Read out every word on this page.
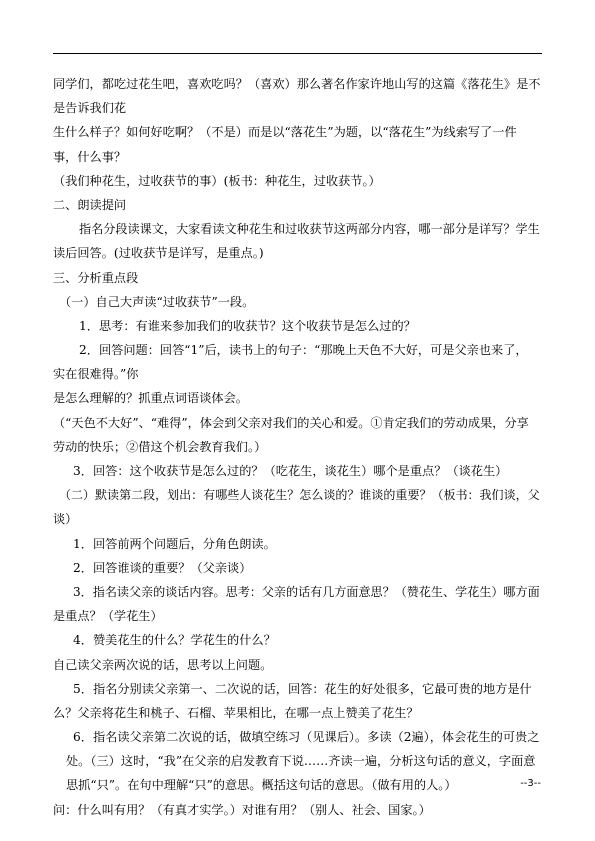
同学们，都吃过花生吧，喜欢吃吗？（喜欢）那么著名作家许地山写的这篇《落花生》是不
是告诉我们花
生什么样子？如何好吃啊？（不是）而是以“落花生”为题，以“落花生”为线索写了一件
事，什么事？
（我们种花生，过收获节的事）(板书：种花生，过收获节。）
二、朗读提问
指名分段读课文，大家看读文种花生和过收获节这两部分内容，哪一部分是详写？学生
读后回答。(过收获节是详写，是重点。)
三、分析重点段
（一）自己大声读“过收获节”一段。
1．思考：有谁来参加我们的收获节？这个收获节是怎么过的？
2．回答问题：回答“1”后，读书上的句子：“那晚上天色不大好，可是父亲也来了，
实在很难得。”你
是怎么理解的？抓重点词语谈体会。
（“天色不大好”、“难得”，体会到父亲对我们的关心和爱。①肯定我们的劳动成果，分享
劳动的快乐；②借这个机会教育我们。）
3．回答：这个收获节是怎么过的？（吃花生，谈花生）哪个是重点？（谈花生）
（二）默读第二段，划出：有哪些人谈花生？怎么谈的？谁谈的重要？（板书：我们谈，父
谈）
1．回答前两个问题后，分角色朗读。
2．回答谁谈的重要？（父亲谈）
3．指名读父亲的谈话内容。思考：父亲的话有几方面意思？（赞花生、学花生）哪方面
是重点？（学花生）
4．赞美花生的什么？学花生的什么？
自己读父亲两次说的话，思考以上问题。
5．指名分别读父亲第一、二次说的话，回答：花生的好处很多，它最可贵的地方是什
么？父亲将花生和桃子、石榴、苹果相比，在哪一点上赞美了花生？
6．指名读父亲第二次说的话，做填空练习（见课后）。多读（2遍），体会花生的可贵之
处。（三）这时，“我”在父亲的启发教育下说……齐读一遍，分析这句话的意义，字面意
思抓“只”。在句中理解“只”的意思。概括这句话的意思。（做有用的人。）
问：什么叫有用？（有真才实学。）对谁有用？（别人、社会、国家。）
--3--
